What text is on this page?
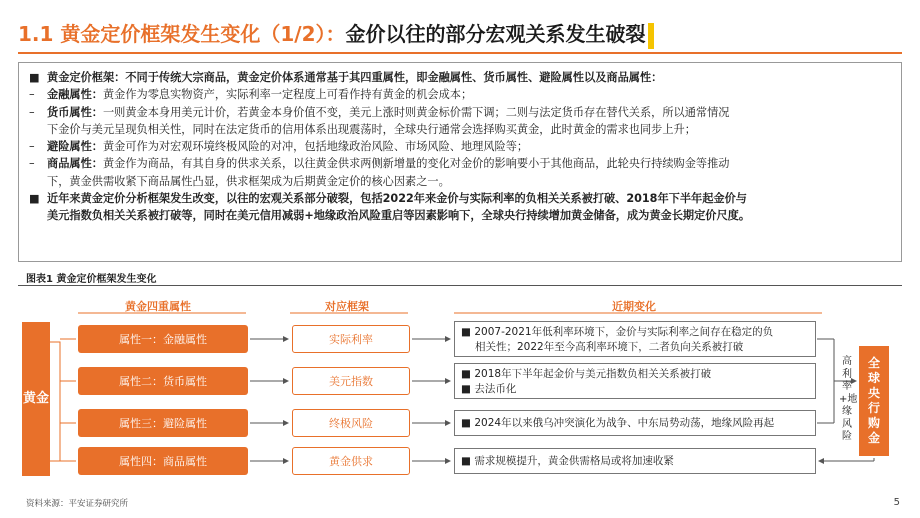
1.1 黄金定价框架发生变化（1/2）：金价以往的部分宏观关系发生破裂
■ 黄金定价框架：不同于传统大宗商品，黄金定价体系通常基于其四重属性，即金融属性、货币属性、避险属性以及商品属性：
–	金融属性：黄金作为零息实物资产，实际利率一定程度上可看作持有黄金的机会成本；
–	货币属性：一则黄金本身用美元计价，若黄金本身价值不变，美元上涨时则黄金标价需下调；二则与法定货币存在替代关系，所以通常情况
下金价与美元呈现负相关性，同时在法定货币的信用体系出现震荡时，全球央行通常会选择购买黄金，此时黄金的需求也同步上升；
–	避险属性：黄金可作为对宏观环境终极风险的对冲，包括地缘政治风险、市场风险、地理风险等；
–	商品属性：黄金作为商品，有其自身的供求关系，以往黄金供求两侧新增量的变化对金价的影响要小于其他商品，此轮央行持续购金等推动
下，黄金供需收紧下商品属性凸显，供求框架成为后期黄金定价的核心因素之一。
■ 近年来黄金定价分析框架发生改变，以往的宏观关系部分破裂，包括2022年来金价与实际利率的负相关关系被打破、2018年下半年起金价与
美元指数负相关关系被打破等，同时在美元信用减弱+地缘政治风险重启等因素影响下，全球央行持续增加黄金储备，成为黄金长期定价尺度。
图表1 黄金定价框架发生变化
黄金
黄金四重属性	对应框架	近期变化
属性一：金融属性
属性二：货币属性
属性三：避险属性
属性四：商品属性
实际利率
美元指数
终极风险
黄金供求
■ 2007-2021年低利率环境下，金价与实际利率之间存在稳定的负
相关性；2022年至今高利率环境下，二者负向关系被打破
■ 2018年下半年起金价与美元指数负相关关系被打破
■ 去法币化
■ 2024年以来俄乌冲突演化为战争、中东局势动荡，地缘风险再起
■ 需求规模提升，黄金供需格局或将加速收紧
高利率+地缘风险
全球央行购金
资料来源：平安证券研究所	5
